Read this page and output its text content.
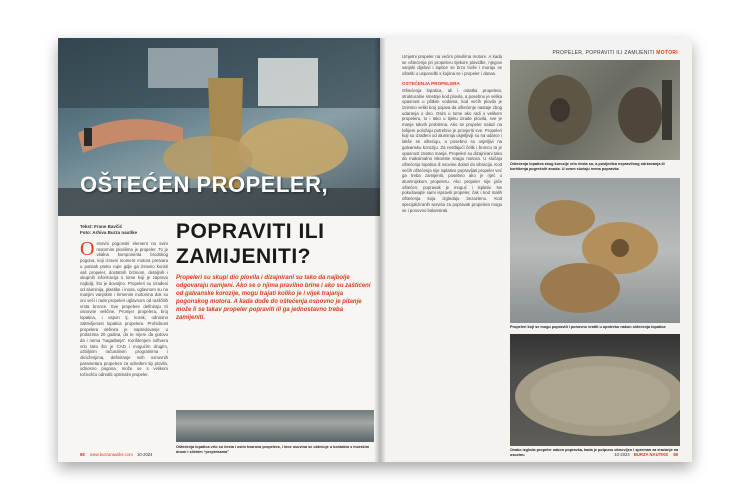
OŠTEĆEN PROPELER,
Tekst: Frane Bavčić
Foto: Arhiva Burza nautike POPRAVITI ILI
ZAMIJENITI?
Propeleri su skupi dio plovila i dizajnirani su tako da najbolje odgovaraju namjeni. Ako se o njima pravilno brine i ako su zaštićeni od galvanske korozije, mogu trajati koliko je i vijek trajanja pogonskog motora. A kada dođe do oštećenja osnovno je pitanje može li se takav propeler popraviti ili ga jednostavno treba zamijeniti.
Osnovni pogonski element na svim motornim plovilima je propeler. To je vitalna komponenta brodskog pogona, koji izravni moment motora pretvara u potisak preko rupe gdje ga izravno koristi vaš propeler, dostatnih brzinom, detaljnih i ukupnih informacija o tome koji je zapravo najbolji, što je dovoljno. Propeleri su izrađeni od aluminija, plastike i inoxa, uglavnom su na manjim vanjskim i krmenim motorima dok su oni veći i rade propeleri uglavnom od različitih vrsta bronce. Sve propelere definiraju tri osnovne veličine. Promjer propelera, broj lopatica, i uspon tj. korak, odnosno zakrivljenost lopatica propelera. Prohidnost propelera definira je napredovanje u prolazima 20 godina, do te mjere da gotovo da i nema “nagađanja”. Korištenjem softvera vrlo lako što je CAD i mogućim drugim, ozbiljnim računalnim programima i okruženjima, definiranje svih osnovnih parametara propelera za određeni tip plovila, odnosno pogona, može se s velikom točnošću odrediti optimalni propeler.
Oštećenja lopatica vrlo su česta i osim kvarova propelera, i inox osovina se oštećuje u kontaktu s morskim dnom i sličnim “preprekama”
68 www.burzanautike.com 10-2024
PROPELER, POPRAVITI ILI ZAMIJENITI MOTORI

Umjetni propeler na većim plovilima motore. A kada se oštećenja pri propeleru tijekom plovidbe, njegovi vanjski dijelovi i loptice se brzo troše i moraju se oštetiti u usporedbi s kojima se i propeler i danas.

OSTEĆENJA PROPELERA

Oštećenja lopatica, ali i ostatka propelera, strukturalne smetnje kod plovila, a posebno je velika opasnost u plitkim vodama, kod većih plovila je iznimno veliki broj pojava da oštećenje nastaje zbog udaranja o dno. Osim u tome ako radi o velikom propeleru, to i tako u tijeku izrade plovila, sve je manje takvih problema. Ako se propeler nalazi na lošijem položaju potrebno je provjeriti sve. Propeleri koji su izrađeni od aluminija osjetljiviji su na udarce i lakše se oštećuju, a posebno su osjetljivi na galvansku koroziju. Za nerđajući čelik i broncu ta je opasnost znatno manja. Propeleri su dizajnirani tako da maksimalno iskoriste snagu motora. U slučaju oštećenja lopatica ili osovine dolazi do vibracija. Kod većih oštećenja nije isplativo popravljati propeler već ga treba zamijeniti, posebno ako je riječ o aluminijskom propeleru. Ako propeler nije jače oštećen, popravak je moguć i isplativ. Ne pokušavajte sami ispraviti propeler, čak i kod malih oštećenja koja izgledaju bezazleno. Kod specijaliziranih servisa za popravak propelera mogu se i ponovno balansirati.

Oštećenja lopatica zbog korozije vrlo česta su, a posljedica nepravilnog održavanja ili korištenja pogrešnih anoda. U ovom slučaju nema popravka
Propeleri koji se mogu popraviti i ponovno vratiti u upotrebu nakon oštećenja lopatica
Ovako izgleda propeler nakon popravka, kada je potpuno obnovljen i spreman za vraćanje na osovinu	10-2024 BURZA NAUTIKE 69
